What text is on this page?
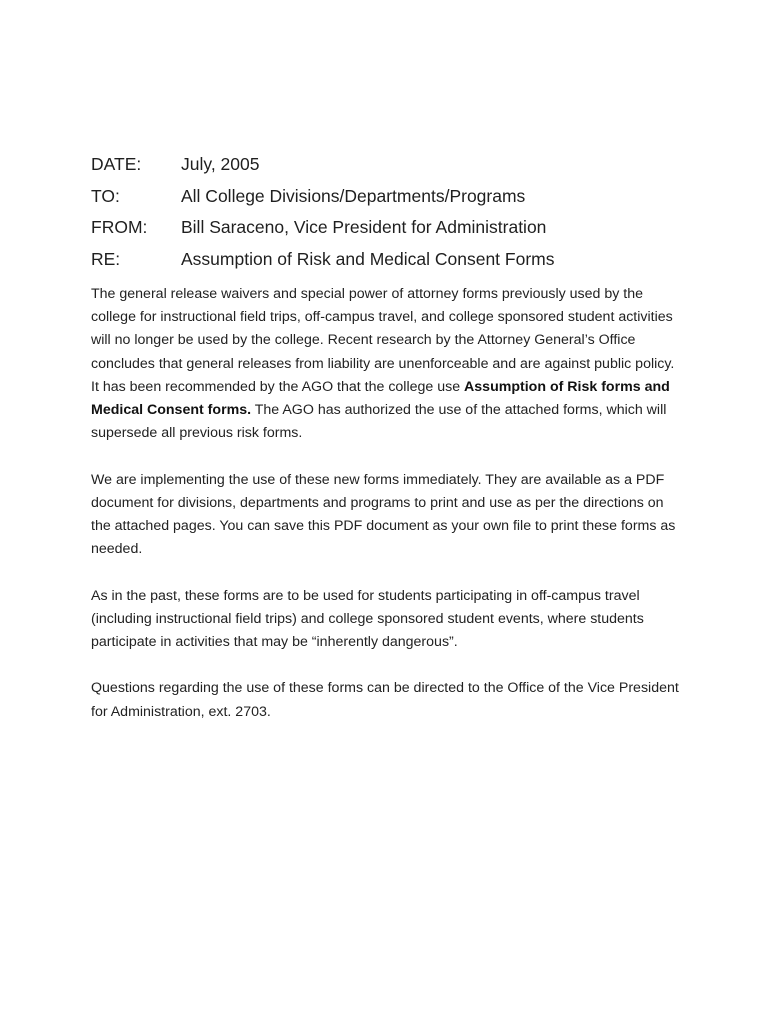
DATE:	July, 2005
TO:	All College Divisions/Departments/Programs
FROM:	Bill Saraceno, Vice President for Administration
RE:	Assumption of Risk and Medical Consent Forms

The general release waivers and special power of attorney forms previously used by the college for instructional field trips, off-campus travel, and college sponsored student activities will no longer be used by the college. Recent research by the Attorney General’s Office concludes that general releases from liability are unenforceable and are against public policy. It has been recommended by the AGO that the college use Assumption of Risk forms and Medical Consent forms. The AGO has authorized the use of the attached forms, which will supersede all previous risk forms.

We are implementing the use of these new forms immediately. They are available as a PDF document for divisions, departments and programs to print and use as per the directions on the attached pages. You can save this PDF document as your own file to print these forms as needed.

As in the past, these forms are to be used for students participating in off-campus travel (including instructional field trips) and college sponsored student events, where students participate in activities that may be “inherently dangerous”.

Questions regarding the use of these forms can be directed to the Office of the Vice President for Administration, ext. 2703.
